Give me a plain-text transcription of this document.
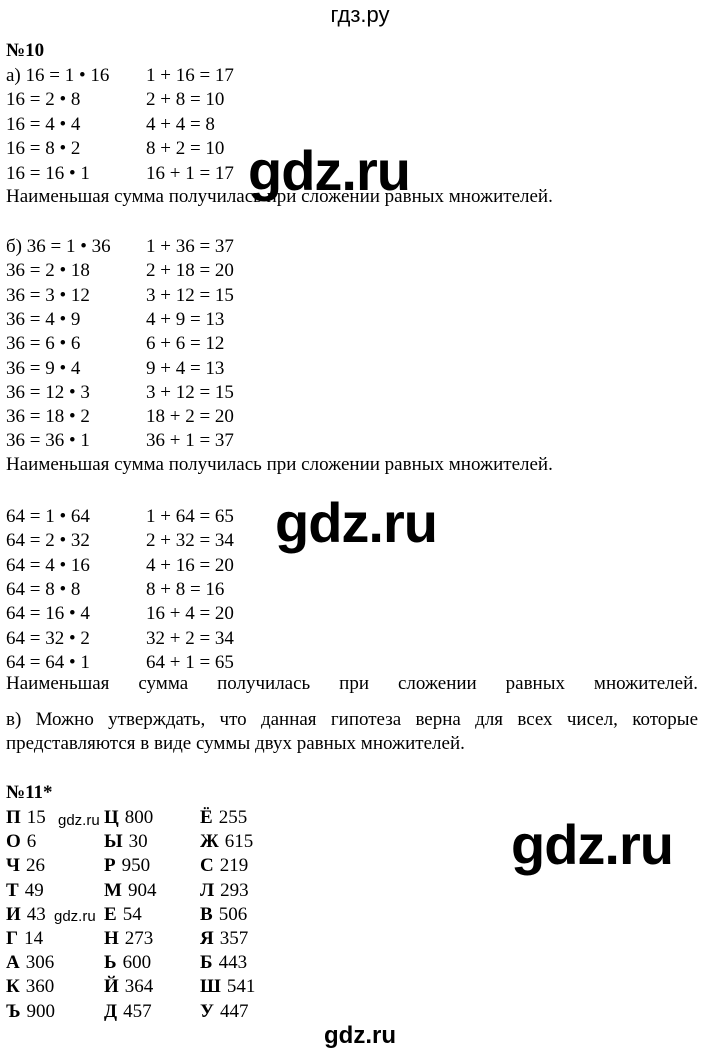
гдз.ру
№10
а) 16 = 1 • 16 1 + 16 = 17
16 = 2 • 8	2 + 8 = 10
16 = 4 • 4	4 + 4 = 8
16 = 8 • 2	8 + 2 = 10
16 = 16 • 1	16 + 1 = 17
Наименьшая сумма получилась при сложении равных множителей.
б) 36 = 1 • 36 1 + 36 = 37
36 = 2 • 18	2 + 18 = 20
36 = 3 • 12	3 + 12 = 15
36 = 4 • 9	4 + 9 = 13
36 = 6 • 6	6 + 6 = 12
36 = 9 • 4	9 + 4 = 13
36 = 12 • 3	3 + 12 = 15
36 = 18 • 2	18 + 2 = 20
36 = 36 • 1	36 + 1 = 37
Наименьшая сумма получилась при сложении равных множителей.
64 = 1 • 64	1 + 64 = 65
64 = 2 • 32	2 + 32 = 34
64 = 4 • 16	4 + 16 = 20
64 = 8 • 8	8 + 8 = 16
64 = 16 • 4	16 + 4 = 20
64 = 32 • 2	32 + 2 = 34
64 = 64 • 1	64 + 1 = 65
Наименьшая сумма получилась при сложении равных множителей.
в) Можно утверждать, что данная гипотеза верна для всех чисел, которые представляются в виде суммы двух равных множителей.
№11*
П 15	Ц 800 Ё 255
О 6	Ы 30	Ж 615
Ч 26	Р 950	С 219
Т 49	М 904 Л 293
И 43	Е 54	В 506
Г 14	Н 273 Я 357
А 306	Ь 600	Б 443
К 360	Й 364 Ш 541
Ъ 900	Д 457	У 447
gdz.ru
gdz.ru
gdz.ru
gdz.ru
gdz.ru
gdz.ru
